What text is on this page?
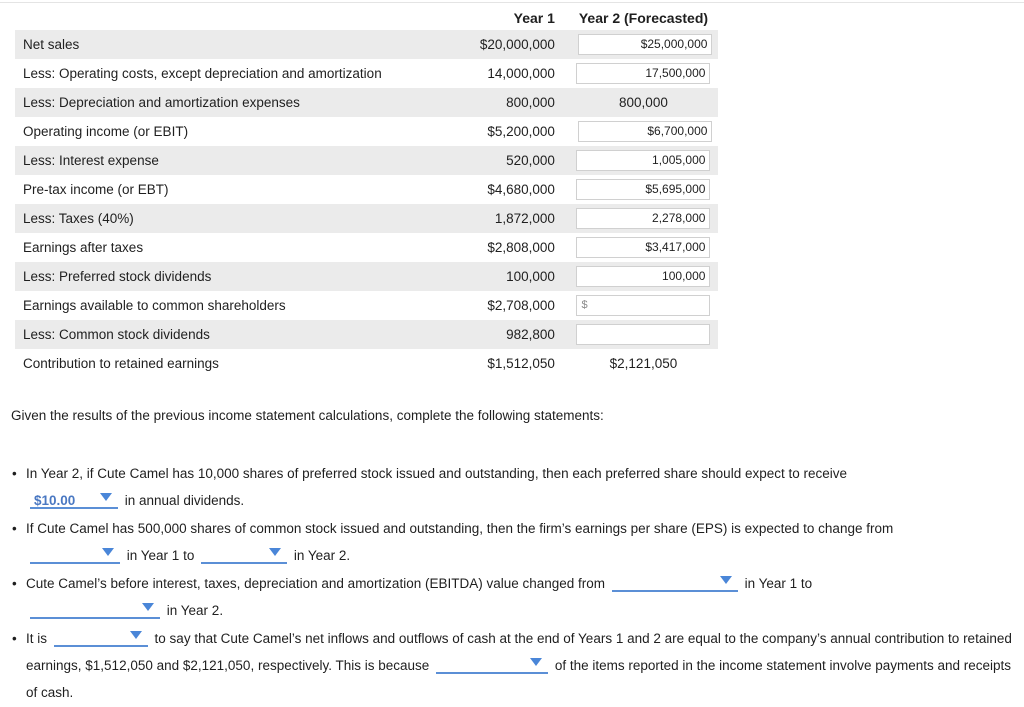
	Year 1	Year 2 (Forecasted)
Net sales	$20,000,000	$25,000,000
Less: Operating costs, except depreciation and amortization	14,000,000	17,500,000
Less: Depreciation and amortization expenses	800,000	800,000
Operating income (or EBIT)	$5,200,000	$6,700,000
Less: Interest expense	520,000	1,005,000
Pre-tax income (or EBT)	$4,680,000	$5,695,000
Less: Taxes (40%)	1,872,000	2,278,000
Earnings after taxes	$2,808,000	$3,417,000
Less: Preferred stock dividends	100,000	100,000
Earnings available to common shareholders	$2,708,000	$
Less: Common stock dividends	982,800	
Contribution to retained earnings	$1,512,050	$2,121,050
Given the results of the previous income statement calculations, complete the following statements:
• In Year 2, if Cute Camel has 10,000 shares of preferred stock issued and outstanding, then each preferred share should expect to receive

$10.00	in annual dividends.
• If Cute Camel has 500,000 shares of common stock issued and outstanding, then the firm’s earnings per share (EPS) is expected to change from

in Year 1 to	in Year 2.
• Cute Camel’s before interest, taxes, depreciation and amortization (EBITDA) value changed from	in Year 1 to

in Year 2.
• It is	to say that Cute Camel’s net inflows and outflows of cash at the end of Years 1 and 2 are equal to the company’s annual contribution to retained earnings, $1,512,050 and $2,121,050, respectively. This is because	of the items reported in the income statement involve payments and receipts of cash.
